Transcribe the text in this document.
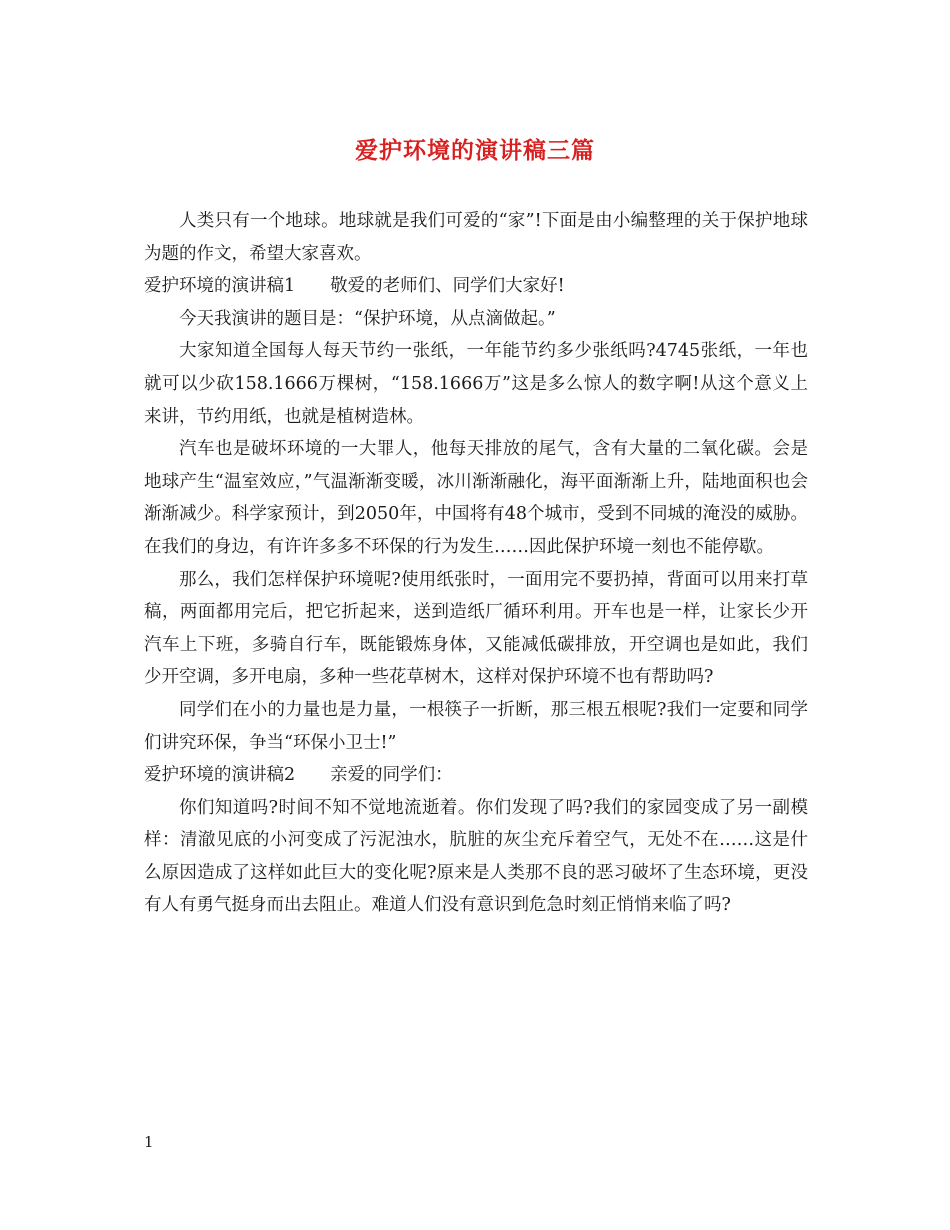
爱护环境的演讲稿三篇

人类只有一个地球。地球就是我们可爱的“家”!下面是由小编整理的关于保护地球为题的作文，希望大家喜欢。

爱护环境的演讲稿1 敬爱的老师们、同学们大家好!

今天我演讲的题目是：“保护环境，从点滴做起。”

大家知道全国每人每天节约一张纸，一年能节约多少张纸吗?4745张纸，一年也就可以少砍158.1666万棵树，“158.1666万”这是多么惊人的数字啊!从这个意义上来讲，节约用纸，也就是植树造林。

汽车也是破坏环境的一大罪人，他每天排放的尾气，含有大量的二氧化碳。会是地球产生“温室效应，”气温渐渐变暖，冰川渐渐融化，海平面渐渐上升，陆地面积也会渐渐减少。科学家预计，到2050年，中国将有48个城市，受到不同城的淹没的威胁。在我们的身边，有许许多多不环保的行为发生……因此保护环境一刻也不能停歇。

那么，我们怎样保护环境呢?使用纸张时，一面用完不要扔掉，背面可以用来打草稿，两面都用完后，把它折起来，送到造纸厂循环利用。开车也是一样，让家长少开汽车上下班，多骑自行车，既能锻炼身体，又能减低碳排放，开空调也是如此，我们少开空调，多开电扇，多种一些花草树木，这样对保护环境不也有帮助吗?

同学们在小的力量也是力量，一根筷子一折断，那三根五根呢?我们一定要和同学们讲究环保，争当“环保小卫士!”

爱护环境的演讲稿2 亲爱的同学们：

你们知道吗?时间不知不觉地流逝着。你们发现了吗?我们的家园变成了另一副模样：清澈见底的小河变成了污泥浊水，肮脏的灰尘充斥着空气，无处不在……这是什么原因造成了这样如此巨大的变化呢?原来是人类那不良的恶习破坏了生态环境，更没有人有勇气挺身而出去阻止。难道人们没有意识到危急时刻正悄悄来临了吗?

1
